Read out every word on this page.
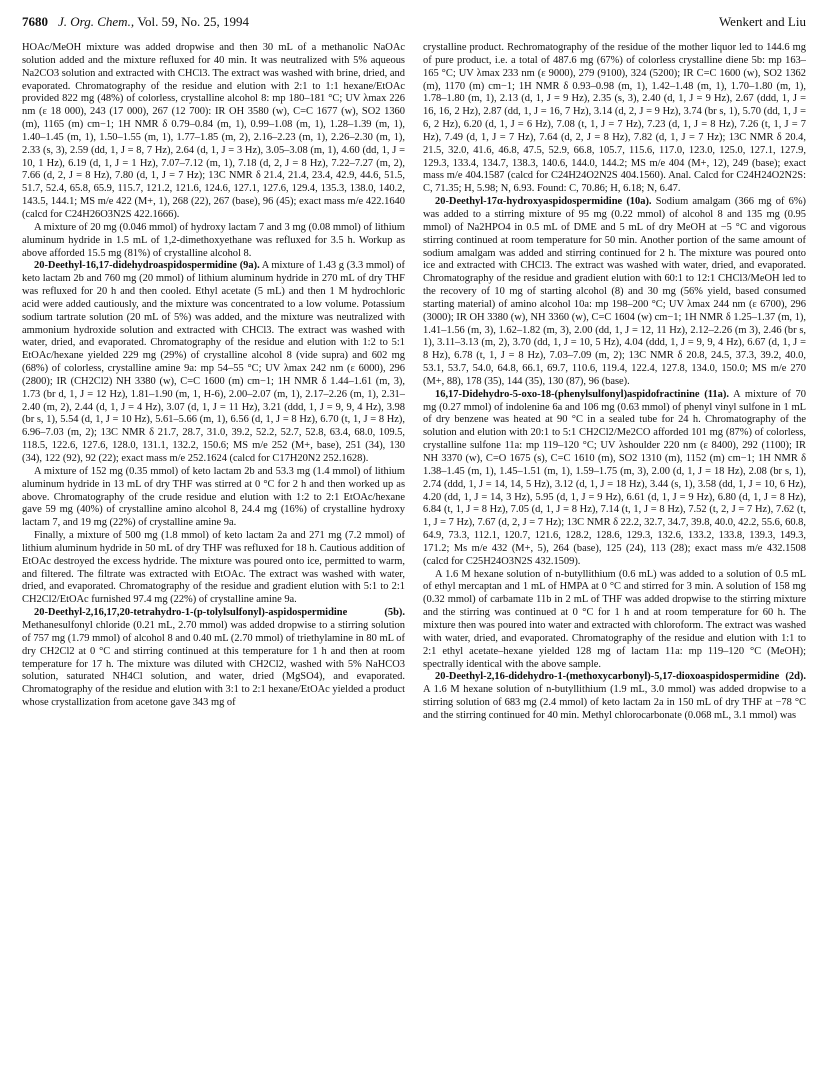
7680 J. Org. Chem., Vol. 59, No. 25, 1994	Wenkert and Liu

HOAc/MeOH mixture was added dropwise and then 30 mL of a methanolic NaOAc solution added and the mixture refluxed for 40 min. It was neutralized with 5% aqueous Na2CO3 solution and extracted with CHCl3. The extract was washed with brine, dried, and evaporated. Chromatography of the residue and elution with 2:1 to 1:1 hexane/EtOAc provided 822 mg (48%) of colorless, crystalline alcohol 8: mp 180–181 °C; UV λmax 226 nm (ε 18 000), 243 (17 000), 267 (12 700): IR OH 3580 (w), C=C 1677 (w), SO2 1360 (m), 1165 (m) cm−1; 1H NMR δ 0.79–0.84 (m, 1), 0.99–1.08 (m, 1), 1.28–1.39 (m, 1), 1.40–1.45 (m, 1), 1.50–1.55 (m, 1), 1.77–1.85 (m, 2), 2.16–2.23 (m, 1), 2.26–2.30 (m, 1), 2.33 (s, 3), 2.59 (dd, 1, J = 8, 7 Hz), 2.64 (d, 1, J = 3 Hz), 3.05–3.08 (m, 1), 4.60 (dd, 1, J = 10, 1 Hz), 6.19 (d, 1, J = 1 Hz), 7.07–7.12 (m, 1), 7.18 (d, 2, J = 8 Hz), 7.22–7.27 (m, 2), 7.66 (d, 2, J = 8 Hz), 7.80 (d, 1, J = 7 Hz); 13C NMR δ 21.4, 21.4, 23.4, 42.9, 44.6, 51.5, 51.7, 52.4, 65.8, 65.9, 115.7, 121.2, 121.6, 124.6, 127.1, 127.6, 129.4, 135.3, 138.0, 140.2, 143.5, 144.1; MS m/e 422 (M+, 1), 268 (22), 267 (base), 96 (45); exact mass m/e 422.1640 (calcd for C24H26O3N2S 422.1666).

A mixture of 20 mg (0.046 mmol) of hydroxy lactam 7 and 3 mg (0.08 mmol) of lithium aluminum hydride in 1.5 mL of 1,2-dimethoxyethane was refluxed for 3.5 h. Workup as above afforded 15.5 mg (81%) of crystalline alcohol 8.

20-Deethyl-16,17-didehydroaspidospermidine (9a). A mixture of 1.43 g (3.3 mmol) of keto lactam 2b and 760 mg (20 mmol) of lithium aluminum hydride in 270 mL of dry THF was refluxed for 20 h and then cooled. Ethyl acetate (5 mL) and then 1 M hydrochloric acid were added cautiously, and the mixture was concentrated to a low volume. Potassium sodium tartrate solution (20 mL of 5%) was added, and the mixture was neutralized with ammonium hydroxide solution and extracted with CHCl3. The extract was washed with water, dried, and evaporated. Chromatography of the residue and elution with 1:2 to 5:1 EtOAc/hexane yielded 229 mg (29%) of crystalline alcohol 8 (vide supra) and 602 mg (68%) of colorless, crystalline amine 9a: mp 54–55 °C; UV λmax 242 nm (ε 6000), 296 (2800); IR (CH2Cl2) NH 3380 (w), C=C 1600 (m) cm−1; 1H NMR δ 1.44–1.61 (m, 3), 1.73 (br d, 1, J = 12 Hz), 1.81–1.90 (m, 1, H-6), 2.00–2.07 (m, 1), 2.17–2.26 (m, 1), 2.31–2.40 (m, 2), 2.44 (d, 1, J = 4 Hz), 3.07 (d, 1, J = 11 Hz), 3.21 (ddd, 1, J = 9, 9, 4 Hz), 3.98 (br s, 1), 5.54 (d, 1, J = 10 Hz), 5.61–5.66 (m, 1), 6.56 (d, 1, J = 8 Hz), 6.70 (t, 1, J = 8 Hz), 6.96–7.03 (m, 2); 13C NMR δ 21.7, 28.7, 31.0, 39.2, 52.2, 52.7, 52.8, 63.4, 68.0, 109.5, 118.5, 122.6, 127.6, 128.0, 131.1, 132.2, 150.6; MS m/e 252 (M+, base), 251 (34), 130 (34), 122 (92), 92 (22); exact mass m/e 252.1624 (calcd for C17H20N2 252.1628).

A mixture of 152 mg (0.35 mmol) of keto lactam 2b and 53.3 mg (1.4 mmol) of lithium aluminum hydride in 13 mL of dry THF was stirred at 0 °C for 2 h and then worked up as above. Chromatography of the crude residue and elution with 1:2 to 2:1 EtOAc/hexane gave 59 mg (40%) of crystalline amino alcohol 8, 24.4 mg (16%) of crystalline hydroxy lactam 7, and 19 mg (22%) of crystalline amine 9a.

Finally, a mixture of 500 mg (1.8 mmol) of keto lactam 2a and 271 mg (7.2 mmol) of lithium aluminum hydride in 50 mL of dry THF was refluxed for 18 h. Cautious addition of EtOAc destroyed the excess hydride. The mixture was poured onto ice, permitted to warm, and filtered. The filtrate was extracted with EtOAc. The extract was washed with water, dried, and evaporated. Chromatography of the residue and gradient elution with 5:1 to 2:1 CH2Cl2/EtOAc furnished 97.4 mg (22%) of crystalline amine 9a.

20-Deethyl-2,16,17,20-tetrahydro-1-(p-tolylsulfonyl)-aspidospermidine (5b). Methanesulfonyl chloride (0.21 mL, 2.70 mmol) was added dropwise to a stirring solution of 757 mg (1.79 mmol) of alcohol 8 and 0.40 mL (2.70 mmol) of triethylamine in 80 mL of dry CH2Cl2 at 0 °C and stirring continued at this temperature for 1 h and then at room temperature for 17 h. The mixture was diluted with CH2Cl2, washed with 5% NaHCO3 solution, saturated NH4Cl solution, and water, dried (MgSO4), and evaporated. Chromatography of the residue and elution with 3:1 to 2:1 hexane/EtOAc yielded a product whose crystallization from acetone gave 343 mg of

crystalline product. Rechromatography of the residue of the mother liquor led to 144.6 mg of pure product, i.e. a total of 487.6 mg (67%) of colorless crystalline diene 5b: mp 163–165 °C; UV λmax 233 nm (ε 9000), 279 (9100), 324 (5200); IR C=C 1600 (w), SO2 1362 (m), 1170 (m) cm−1; 1H NMR δ 0.93–0.98 (m, 1), 1.42–1.48 (m, 1), 1.70–1.80 (m, 1), 1.78–1.80 (m, 1), 2.13 (d, 1, J = 9 Hz), 2.35 (s, 3), 2.40 (d, 1, J = 9 Hz), 2.67 (ddd, 1, J = 16, 16, 2 Hz), 2.87 (dd, 1, J = 16, 7 Hz), 3.14 (d, 2, J = 9 Hz), 3.74 (br s, 1), 5.70 (dd, 1, J = 6, 2 Hz), 6.20 (d, 1, J = 6 Hz), 7.08 (t, 1, J = 7 Hz), 7.23 (d, 1, J = 8 Hz), 7.26 (t, 1, J = 7 Hz), 7.49 (d, 1, J = 7 Hz), 7.64 (d, 2, J = 8 Hz), 7.82 (d, 1, J = 7 Hz); 13C NMR δ 20.4, 21.5, 32.0, 41.6, 46.8, 47.5, 52.9, 66.8, 105.7, 115.6, 117.0, 123.0, 125.0, 127.1, 127.9, 129.3, 133.4, 134.7, 138.3, 140.6, 144.0, 144.2; MS m/e 404 (M+, 12), 249 (base); exact mass m/e 404.1587 (calcd for C24H24O2N2S 404.1560). Anal. Calcd for C24H24O2N2S: C, 71.35; H, 5.98; N, 6.93. Found: C, 70.86; H, 6.18; N, 6.47.

20-Deethyl-17α-hydroxyaspidospermidine (10a). Sodium amalgam (366 mg of 6%) was added to a stirring mixture of 95 mg (0.22 mmol) of alcohol 8 and 135 mg (0.95 mmol) of Na2HPO4 in 0.5 mL of DME and 5 mL of dry MeOH at −5 °C and vigorous stirring continued at room temperature for 50 min. Another portion of the same amount of sodium amalgam was added and stirring continued for 2 h. The mixture was poured onto ice and extracted with CHCl3. The extract was washed with water, dried, and evaporated. Chromatography of the residue and gradient elution with 60:1 to 12:1 CHCl3/MeOH led to the recovery of 10 mg of starting alcohol (8) and 30 mg (56% yield, based consumed starting material) of amino alcohol 10a: mp 198–200 °C; UV λmax 244 nm (ε 6700), 296 (3000); IR OH 3380 (w), NH 3360 (w), C=C 1604 (w) cm−1; 1H NMR δ 1.25–1.37 (m, 1), 1.41–1.56 (m, 3), 1.62–1.82 (m, 3), 2.00 (dd, 1, J = 12, 11 Hz), 2.12–2.26 (m 3), 2.46 (br s, 1), 3.11–3.13 (m, 2), 3.70 (dd, 1, J = 10, 5 Hz), 4.04 (ddd, 1, J = 9, 9, 4 Hz), 6.67 (d, 1, J = 8 Hz), 6.78 (t, 1, J = 8 Hz), 7.03–7.09 (m, 2); 13C NMR δ 20.8, 24.5, 37.3, 39.2, 40.0, 53.1, 53.7, 54.0, 64.8, 66.1, 69.7, 110.6, 119.4, 122.4, 127.8, 134.0, 150.0; MS m/e 270 (M+, 88), 178 (35), 144 (35), 130 (87), 96 (base).

16,17-Didehydro-5-oxo-18-(phenylsulfonyl)aspidofractinine (11a). A mixture of 70 mg (0.27 mmol) of indolenine 6a and 106 mg (0.63 mmol) of phenyl vinyl sulfone in 1 mL of dry benzene was heated at 90 °C in a sealed tube for 24 h. Chromatography of the solution and elution with 20:1 to 5:1 CH2Cl2/Me2CO afforded 101 mg (87%) of colorless, crystalline sulfone 11a: mp 119–120 °C; UV λshoulder 220 nm (ε 8400), 292 (1100); IR NH 3370 (w), C=O 1675 (s), C=C 1610 (m), SO2 1310 (m), 1152 (m) cm−1; 1H NMR δ 1.38–1.45 (m, 1), 1.45–1.51 (m, 1), 1.59–1.75 (m, 3), 2.00 (d, 1, J = 18 Hz), 2.08 (br s, 1), 2.74 (ddd, 1, J = 14, 14, 5 Hz), 3.12 (d, 1, J = 18 Hz), 3.44 (s, 1), 3.58 (dd, 1, J = 10, 6 Hz), 4.20 (dd, 1, J = 14, 3 Hz), 5.95 (d, 1, J = 9 Hz), 6.61 (d, 1, J = 9 Hz), 6.80 (d, 1, J = 8 Hz), 6.84 (t, 1, J = 8 Hz), 7.05 (d, 1, J = 8 Hz), 7.14 (t, 1, J = 8 Hz), 7.52 (t, 2, J = 7 Hz), 7.62 (t, 1, J = 7 Hz), 7.67 (d, 2, J = 7 Hz); 13C NMR δ 22.2, 32.7, 34.7, 39.8, 40.0, 42.2, 55.6, 60.8, 64.9, 73.3, 112.1, 120.7, 121.6, 128.2, 128.6, 129.3, 132.6, 133.2, 133.8, 139.3, 149.3, 171.2; Ms m/e 432 (M+, 5), 264 (base), 125 (24), 113 (28); exact mass m/e 432.1508 (calcd for C25H24O3N2S 432.1509).

A 1.6 M hexane solution of n-butyllithium (0.6 mL) was added to a solution of 0.5 mL of ethyl mercaptan and 1 mL of HMPA at 0 °C and stirred for 3 min. A solution of 158 mg (0.32 mmol) of carbamate 11b in 2 mL of THF was added dropwise to the stirring mixture and the stirring was continued at 0 °C for 1 h and at room temperature for 60 h. The mixture then was poured into water and extracted with chloroform. The extract was washed with water, dried, and evaporated. Chromatography of the residue and elution with 1:1 to 2:1 ethyl acetate–hexane yielded 128 mg of lactam 11a: mp 119–120 °C (MeOH); spectrally identical with the above sample.

20-Deethyl-2,16-didehydro-1-(methoxycarbonyl)-5,17-dioxoaspidospermidine (2d). A 1.6 M hexane solution of n-butyllithium (1.9 mL, 3.0 mmol) was added dropwise to a stirring solution of 683 mg (2.4 mmol) of keto lactam 2a in 150 mL of dry THF at −78 °C and the stirring continued for 40 min. Methyl chlorocarbonate (0.068 mL, 3.1 mmol) was
